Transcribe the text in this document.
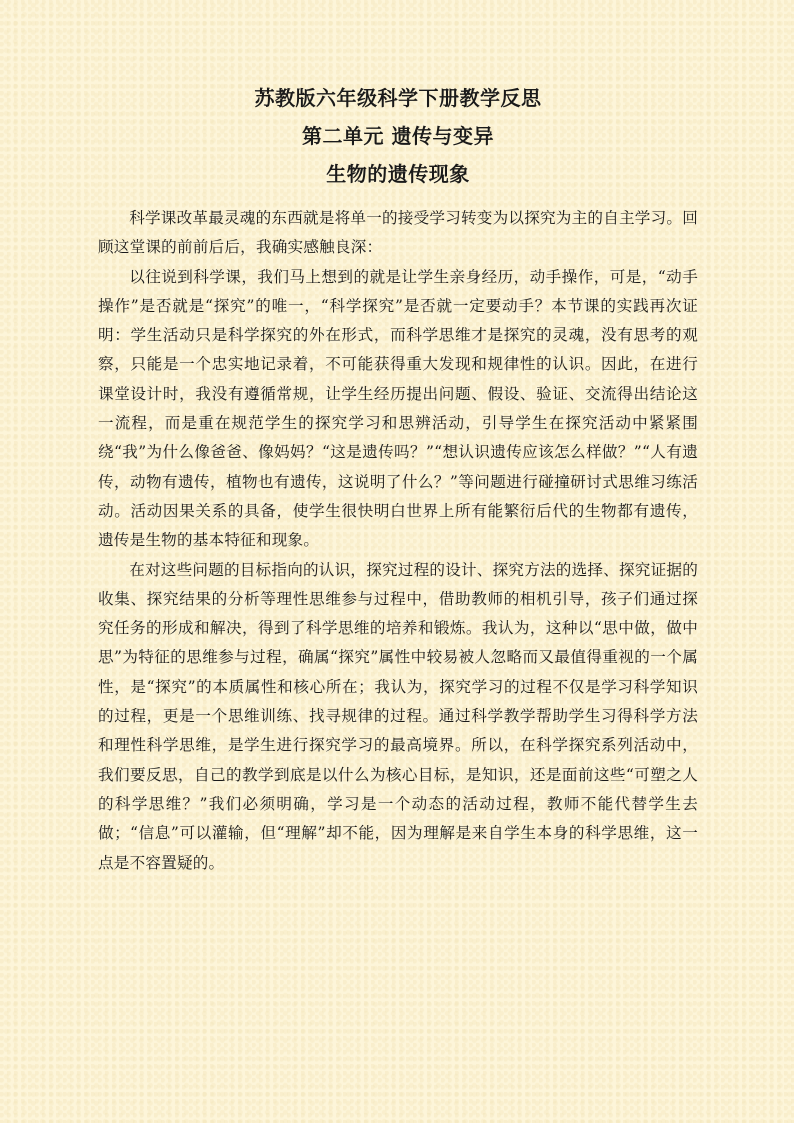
苏教版六年级科学下册教学反思
第二单元 遗传与变异
生物的遗传现象

科学课改革最灵魂的东西就是将单一的接受学习转变为以探究为主的自主学习。回顾这堂课的前前后后，我确实感触良深：

以往说到科学课，我们马上想到的就是让学生亲身经历，动手操作，可是，“动手操作”是否就是“探究”的唯一，“科学探究”是否就一定要动手？本节课的实践再次证明：学生活动只是科学探究的外在形式，而科学思维才是探究的灵魂，没有思考的观察，只能是一个忠实地记录着，不可能获得重大发现和规律性的认识。因此，在进行课堂设计时，我没有遵循常规，让学生经历提出问题、假设、验证、交流得出结论这一流程，而是重在规范学生的探究学习和思辨活动，引导学生在探究活动中紧紧围绕“我”为什么像爸爸、像妈妈？“这是遗传吗？”“想认识遗传应该怎么样做？”“人有遗传，动物有遗传，植物也有遗传，这说明了什么？”等问题进行碰撞研讨式思维习练活动。活动因果关系的具备，使学生很快明白世界上所有能繁衍后代的生物都有遗传，遗传是生物的基本特征和现象。

在对这些问题的目标指向的认识，探究过程的设计、探究方法的选择、探究证据的收集、探究结果的分析等理性思维参与过程中，借助教师的相机引导，孩子们通过探究任务的形成和解决，得到了科学思维的培养和锻炼。我认为，这种以“思中做，做中思”为特征的思维参与过程，确属“探究”属性中较易被人忽略而又最值得重视的一个属性，是“探究”的本质属性和核心所在；我认为，探究学习的过程不仅是学习科学知识的过程，更是一个思维训练、找寻规律的过程。通过科学教学帮助学生习得科学方法和理性科学思维，是学生进行探究学习的最高境界。所以，在科学探究系列活动中，我们要反思，自己的教学到底是以什么为核心目标，是知识，还是面前这些“可塑之人的科学思维？”我们必须明确，学习是一个动态的活动过程，教师不能代替学生去做；“信息”可以灌输，但“理解”却不能，因为理解是来自学生本身的科学思维，这一点是不容置疑的。
